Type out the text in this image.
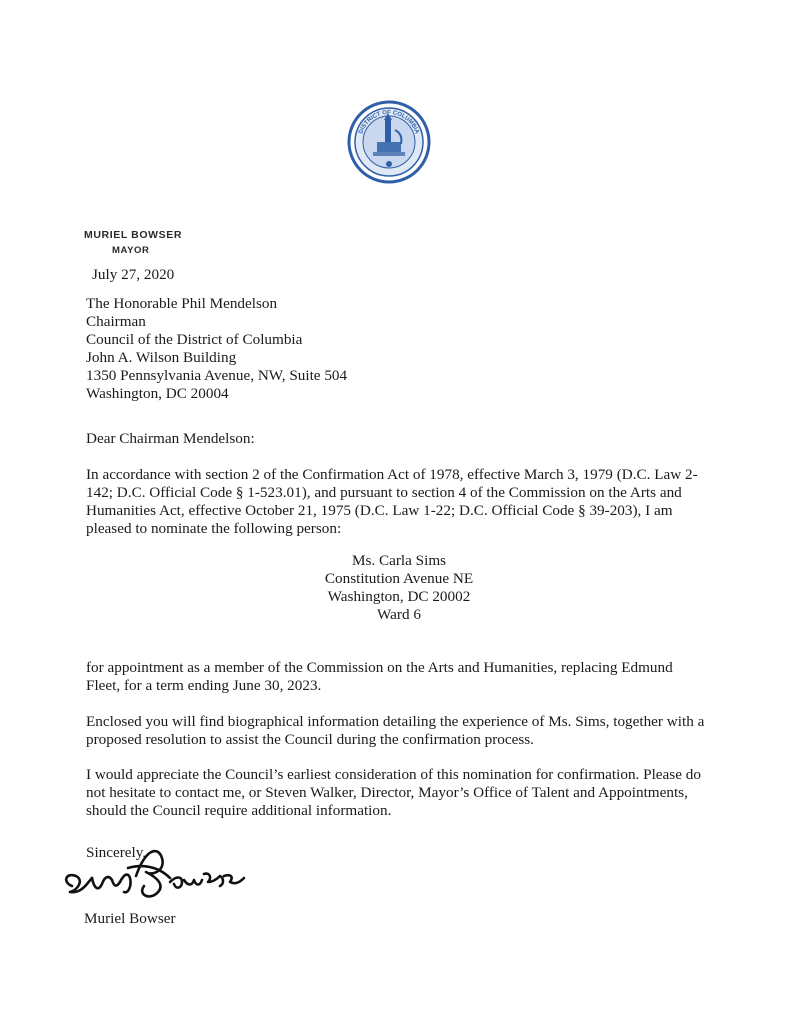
DISTRICT OF COLUMBIA
MURIEL BOWSER
MAYOR
July 27, 2020
The Honorable Phil Mendelson
Chairman
Council of the District of Columbia
John A. Wilson Building
1350 Pennsylvania Avenue, NW, Suite 504
Washington, DC 20004
Dear Chairman Mendelson:
In accordance with section 2 of the Confirmation Act of 1978, effective March 3, 1979 (D.C. Law 2-
142; D.C. Official Code § 1-523.01), and pursuant to section 4 of the Commission on the Arts and
Humanities Act, effective October 21, 1975 (D.C. Law 1-22; D.C. Official Code § 39-203), I am
pleased to nominate the following person:
Ms. Carla Sims
Constitution Avenue NE
Washington, DC 20002
Ward 6
for appointment as a member of the Commission on the Arts and Humanities, replacing Edmund
Fleet, for a term ending June 30, 2023.
Enclosed you will find biographical information detailing the experience of Ms. Sims, together with a
proposed resolution to assist the Council during the confirmation process.
I would appreciate the Council’s earliest consideration of this nomination for confirmation. Please do
not hesitate to contact me, or Steven Walker, Director, Mayor’s Office of Talent and Appointments,
should the Council require additional information.
Sincerely,
Muriel Bowser
